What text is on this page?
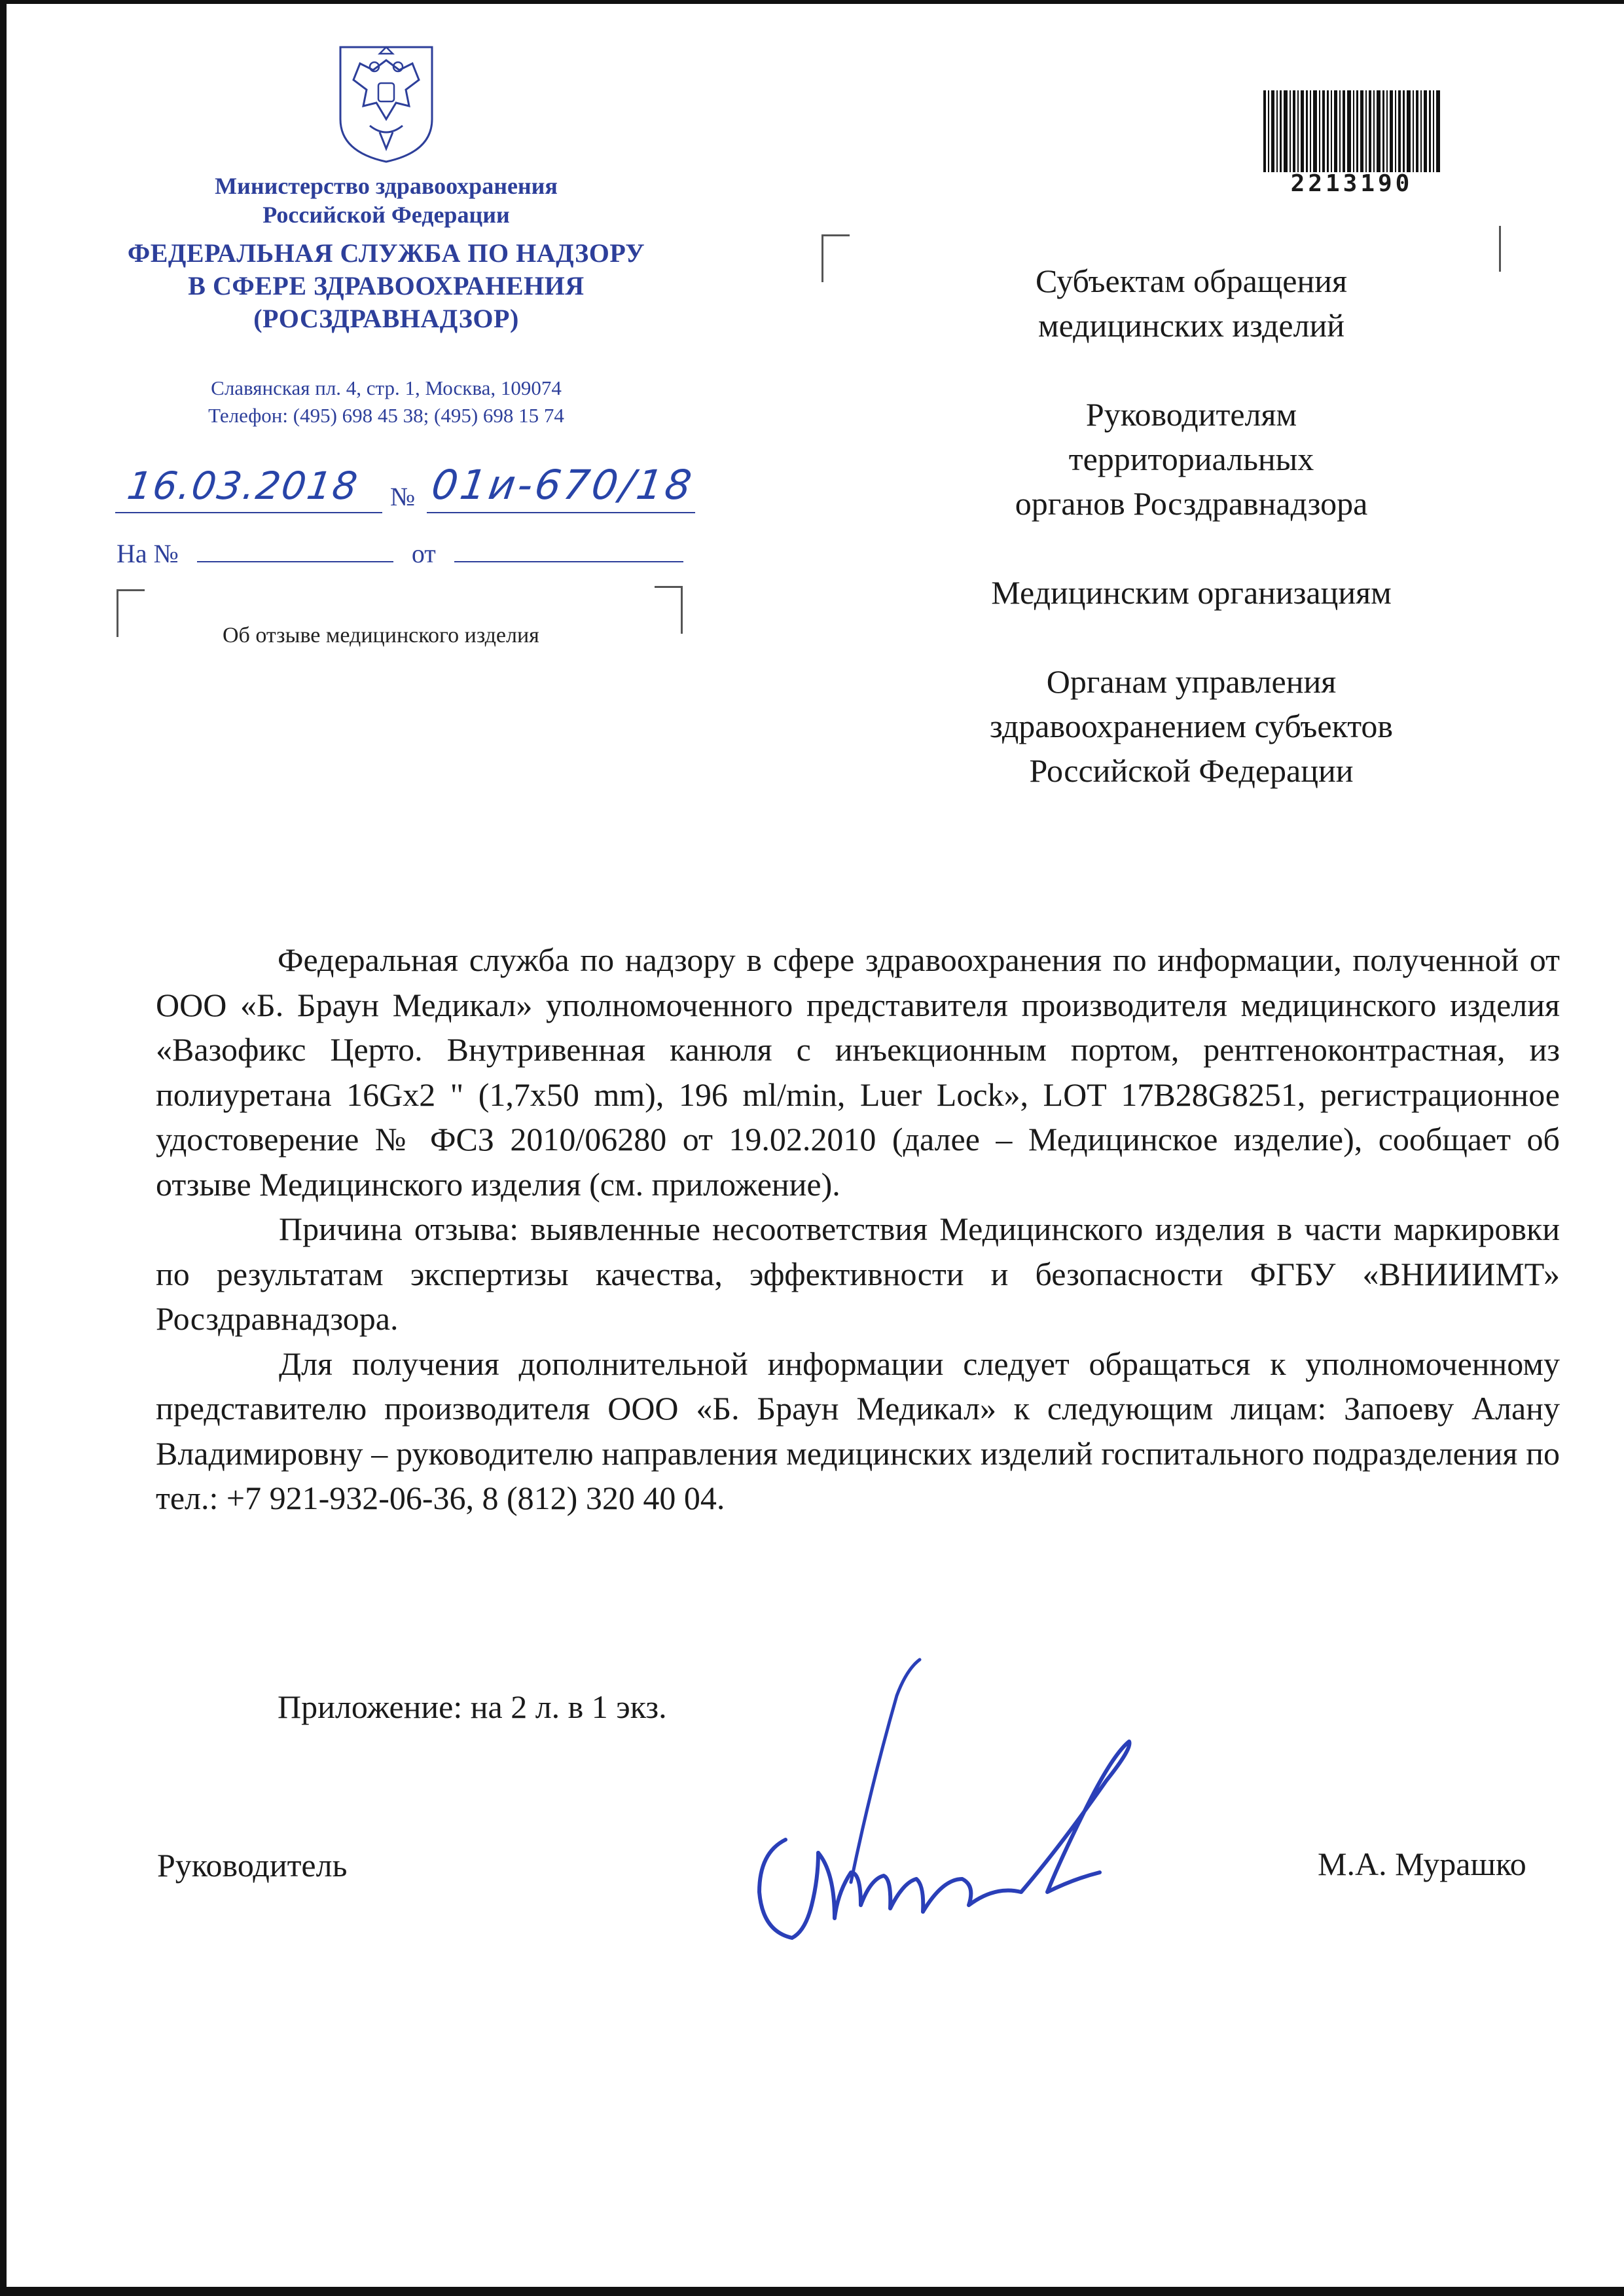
Министерство здравоохранения
Российской Федерации
ФЕДЕРАЛЬНАЯ СЛУЖБА ПО НАДЗОРУ
В СФЕРЕ ЗДРАВООХРАНЕНИЯ
(РОСЗДРАВНАДЗОР)
Славянская пл. 4, стр. 1, Москва, 109074
Телефон: (495) 698 45 38; (495) 698 15 74
16.03.2018 № 01и-670/18
На №	от
Об отзыве медицинского изделия
2213190
Субъектам обращения
медицинских изделий
Руководителям
территориальных
органов Росздравнадзора
Медицинским организациям
Органам управления
здравоохранением субъектов
Российской Федерации

Федеральная служба по надзору в сфере здравоохранения по информации, полученной от ООО «Б. Браун Медикал» уполномоченного представителя производителя медицинского изделия «Вазофикс Церто. Внутривенная канюля с инъекционным портом, рентгеноконтрастная, из полиуретана 16Gx2 " (1,7x50 mm), 196 ml/min, Luer Lock», LOT 17B28G8251, регистрационное удостоверение № ФСЗ 2010/06280 от 19.02.2010 (далее – Медицинское изделие), сообщает об отзыве Медицинского изделия (см. приложение).

Причина отзыва: выявленные несоответствия Медицинского изделия в части маркировки по результатам экспертизы качества, эффективности и безопасности ФГБУ «ВНИИИМТ» Росздравнадзора.

Для получения дополнительной информации следует обращаться к уполномоченному представителю производителя ООО «Б. Браун Медикал» к следующим лицам: Запоеву Алану Владимировну – руководителю направления медицинских изделий госпитального подразделения по тел.: +7 921-932-06-36, 8 (812) 320 40 04.

Приложение: на 2 л. в 1 экз.
Руководитель	М.А. Мурашко
